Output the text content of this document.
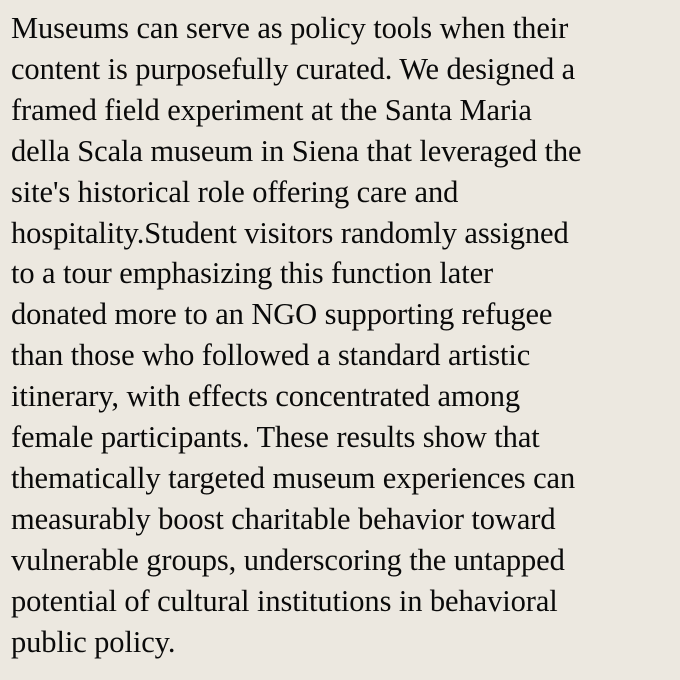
Museums can serve as policy tools when their
content is purposefully curated. We designed a
framed field experiment at the Santa Maria
della Scala museum in Siena that leveraged the
site's historical role offering care and
hospitality.Student visitors randomly assigned
to a tour emphasizing this function later
donated more to an NGO supporting refugee
than those who followed a standard artistic
itinerary, with effects concentrated among
female participants. These results show that
thematically targeted museum experiences can
measurably boost charitable behavior toward
vulnerable groups, underscoring the untapped
potential of cultural institutions in behavioral
public policy.
